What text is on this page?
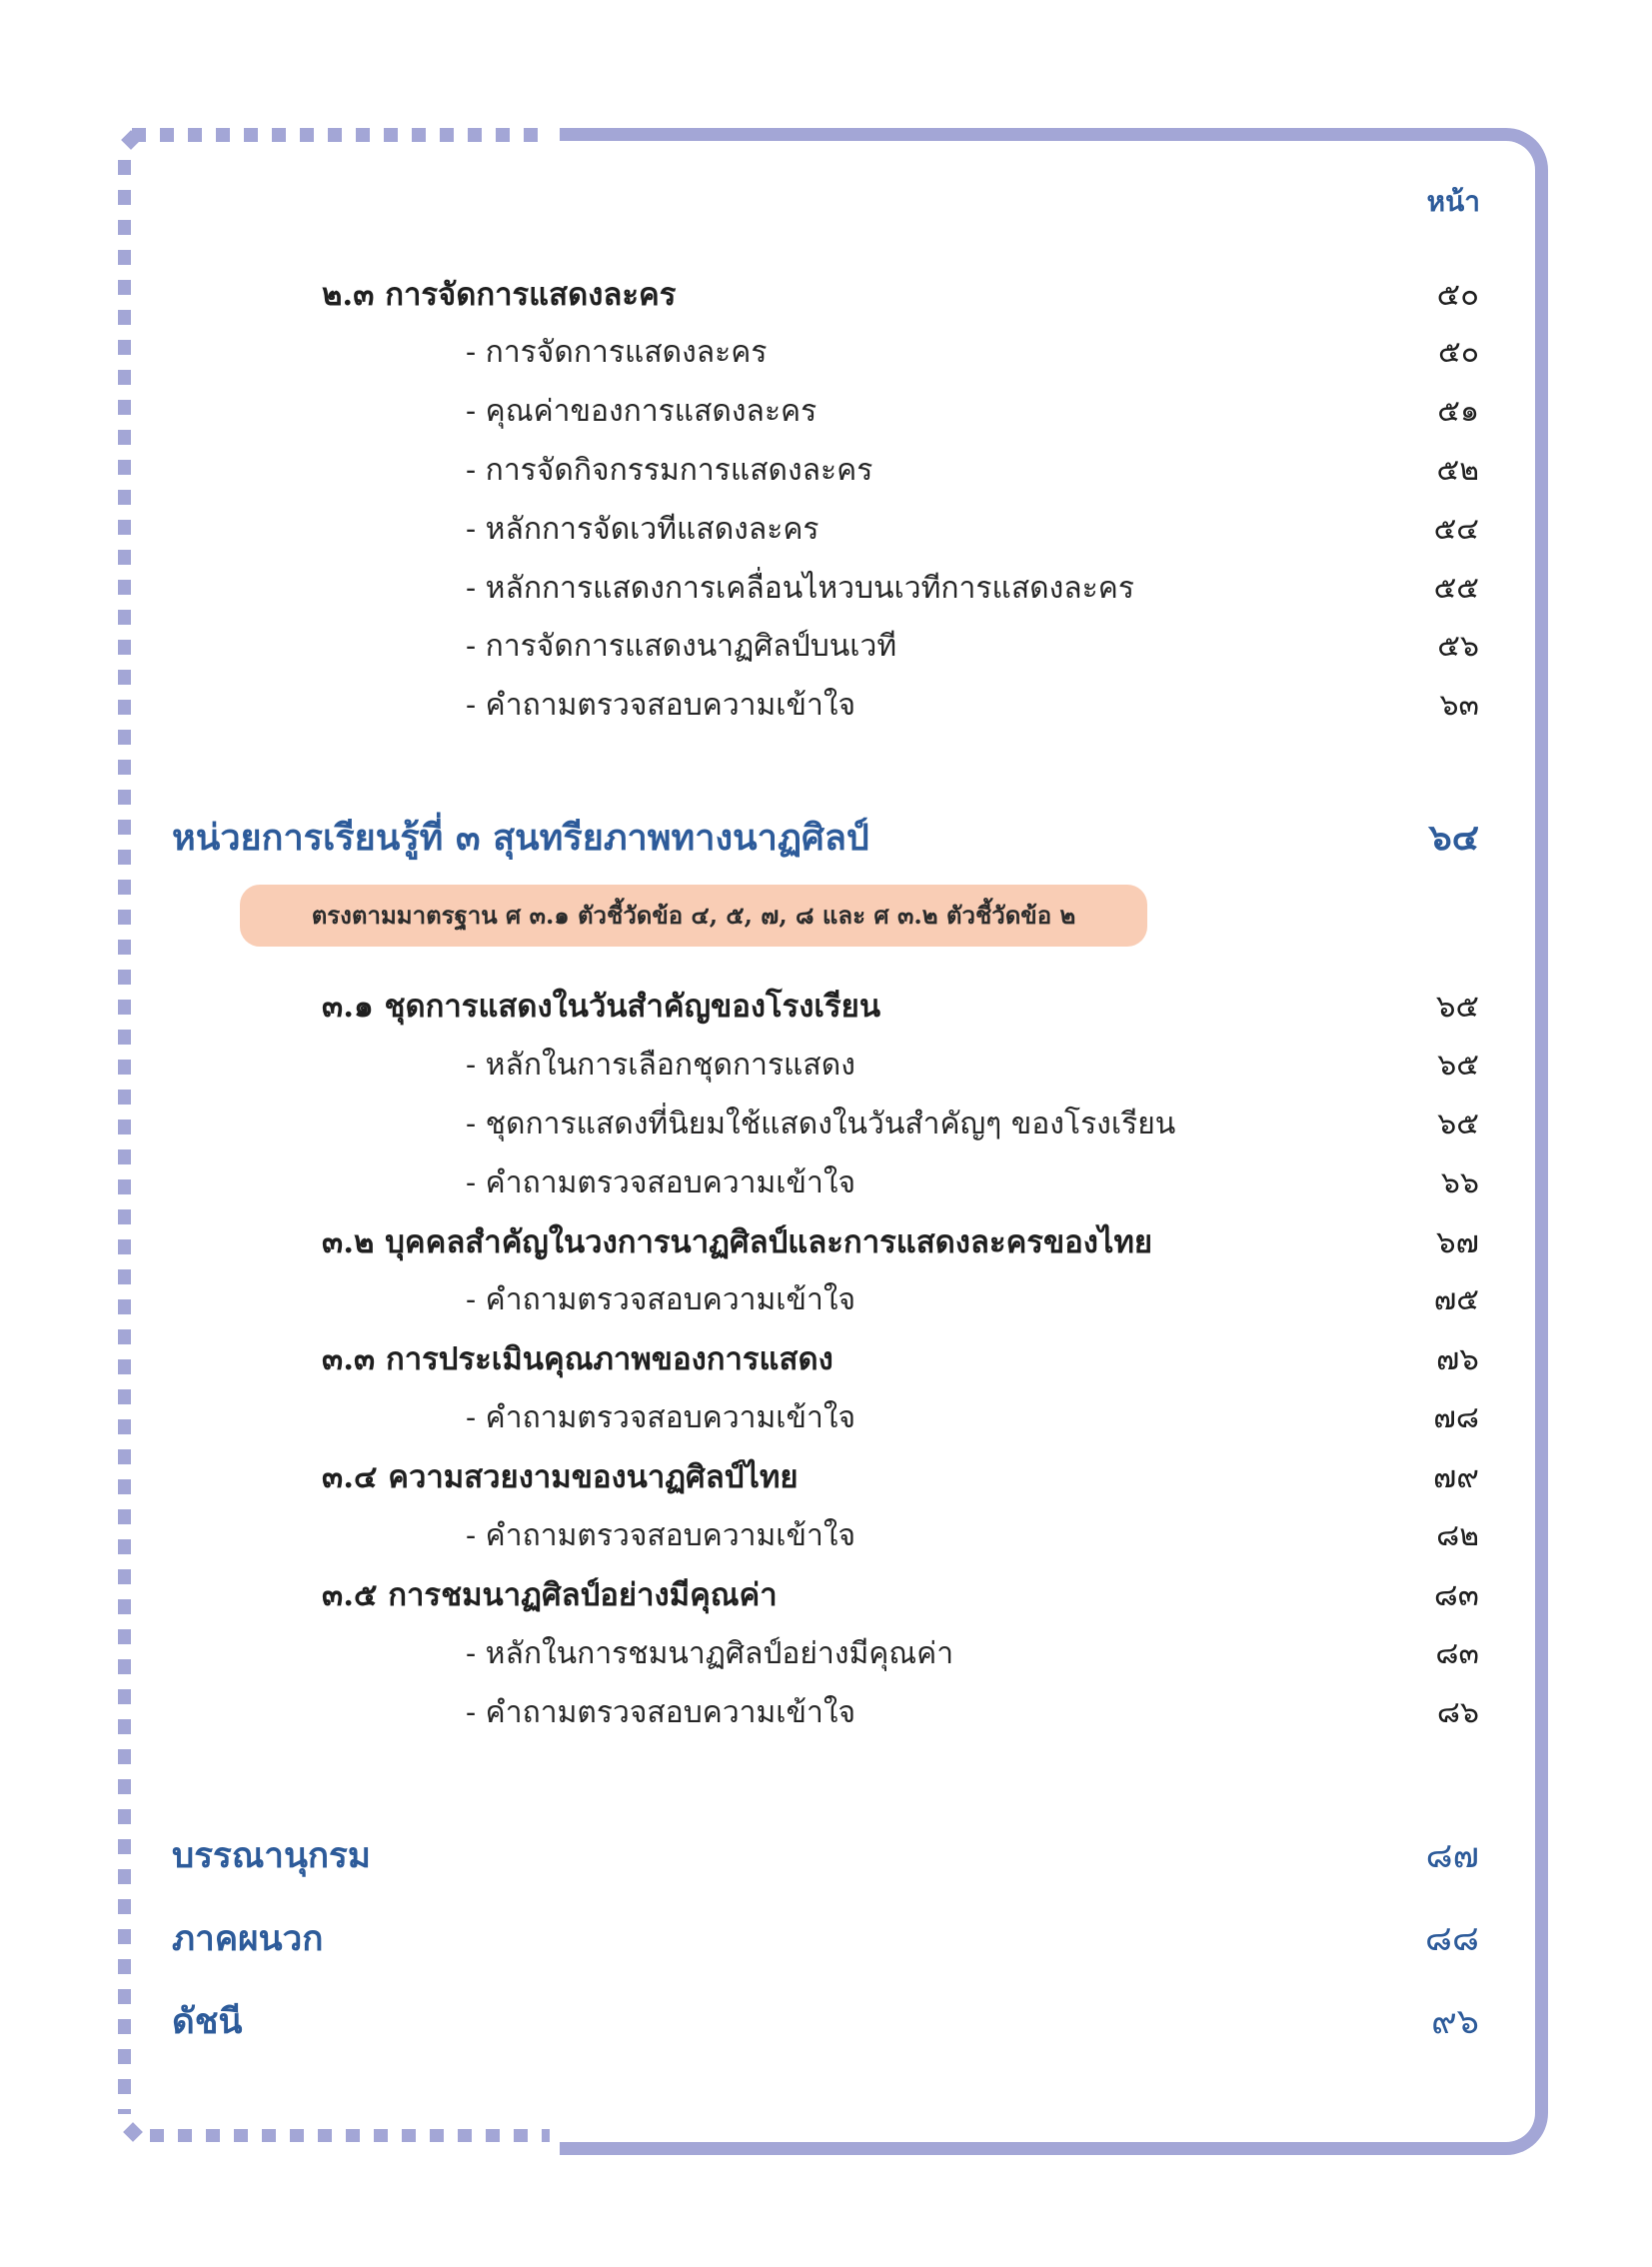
หน้า
๒.๓ การจัดการแสดงละคร	๕๐
- การจัดการแสดงละคร	๕๐
- คุณค่าของการแสดงละคร	๕๑
- การจัดกิจกรรมการแสดงละคร	๕๒
- หลักการจัดเวทีแสดงละคร	๕๔
- หลักการแสดงการเคลื่อนไหวบนเวทีการแสดงละคร	๕๕
- การจัดการแสดงนาฏศิลป์บนเวที	๕๖
- คำถามตรวจสอบความเข้าใจ	๖๓
หน่วยการเรียนรู้ที่ ๓ สุนทรียภาพทางนาฏศิลป์	๖๔
ตรงตามมาตรฐาน ศ ๓.๑ ตัวชี้วัดข้อ ๔, ๕, ๗, ๘ และ ศ ๓.๒ ตัวชี้วัดข้อ ๒
๓.๑ ชุดการแสดงในวันสำคัญของโรงเรียน	๖๕
- หลักในการเลือกชุดการแสดง	๖๕
- ชุดการแสดงที่นิยมใช้แสดงในวันสำคัญๆ ของโรงเรียน	๖๕
- คำถามตรวจสอบความเข้าใจ	๖๖
๓.๒ บุคคลสำคัญในวงการนาฏศิลป์และการแสดงละครของไทย	๖๗
- คำถามตรวจสอบความเข้าใจ	๗๕
๓.๓ การประเมินคุณภาพของการแสดง	๗๖
- คำถามตรวจสอบความเข้าใจ	๗๘
๓.๔ ความสวยงามของนาฏศิลป์ไทย	๗๙
- คำถามตรวจสอบความเข้าใจ	๘๒
๓.๕ การชมนาฏศิลป์อย่างมีคุณค่า	๘๓
- หลักในการชมนาฏศิลป์อย่างมีคุณค่า	๘๓
- คำถามตรวจสอบความเข้าใจ	๘๖
บรรณานุกรม	๘๗
ภาคผนวก	๘๘
ดัชนี	๙๖
